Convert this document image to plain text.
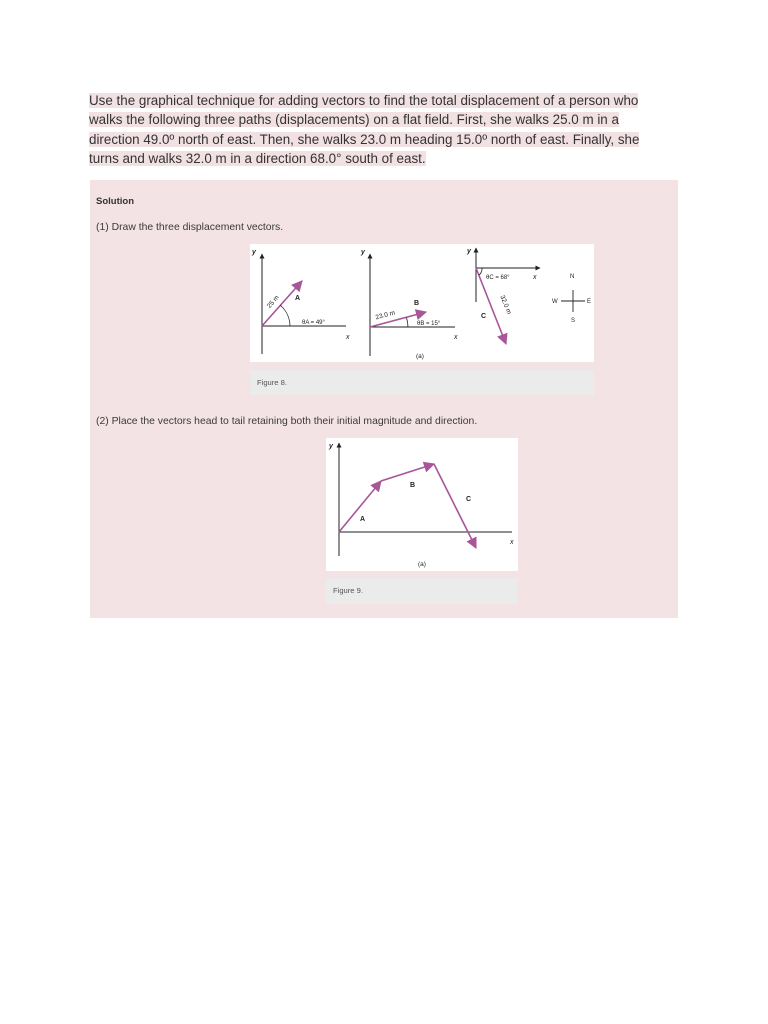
Use the graphical technique for adding vectors to find the total displacement of a person who
walks the following three paths (displacements) on a flat field. First, she walks 25.0 m in a
direction 49.0º north of east. Then, she walks 23.0 m heading 15.0º north of east. Finally, she
turns and walks 32.0 m in a direction 68.0° south of east.
Solution
(1) Draw the three displacement vectors.
y
x
25 m A
θA = 49°
y
x
23.0 m
B
θB = 15°
(a)
y
x
θC = 68°
32.0 m
C
N
S
E
W
Figure 8.
(2) Place the vectors head to tail retaining both their initial magnitude and direction.
y
x
A
B
C
(a)
Figure 9.
